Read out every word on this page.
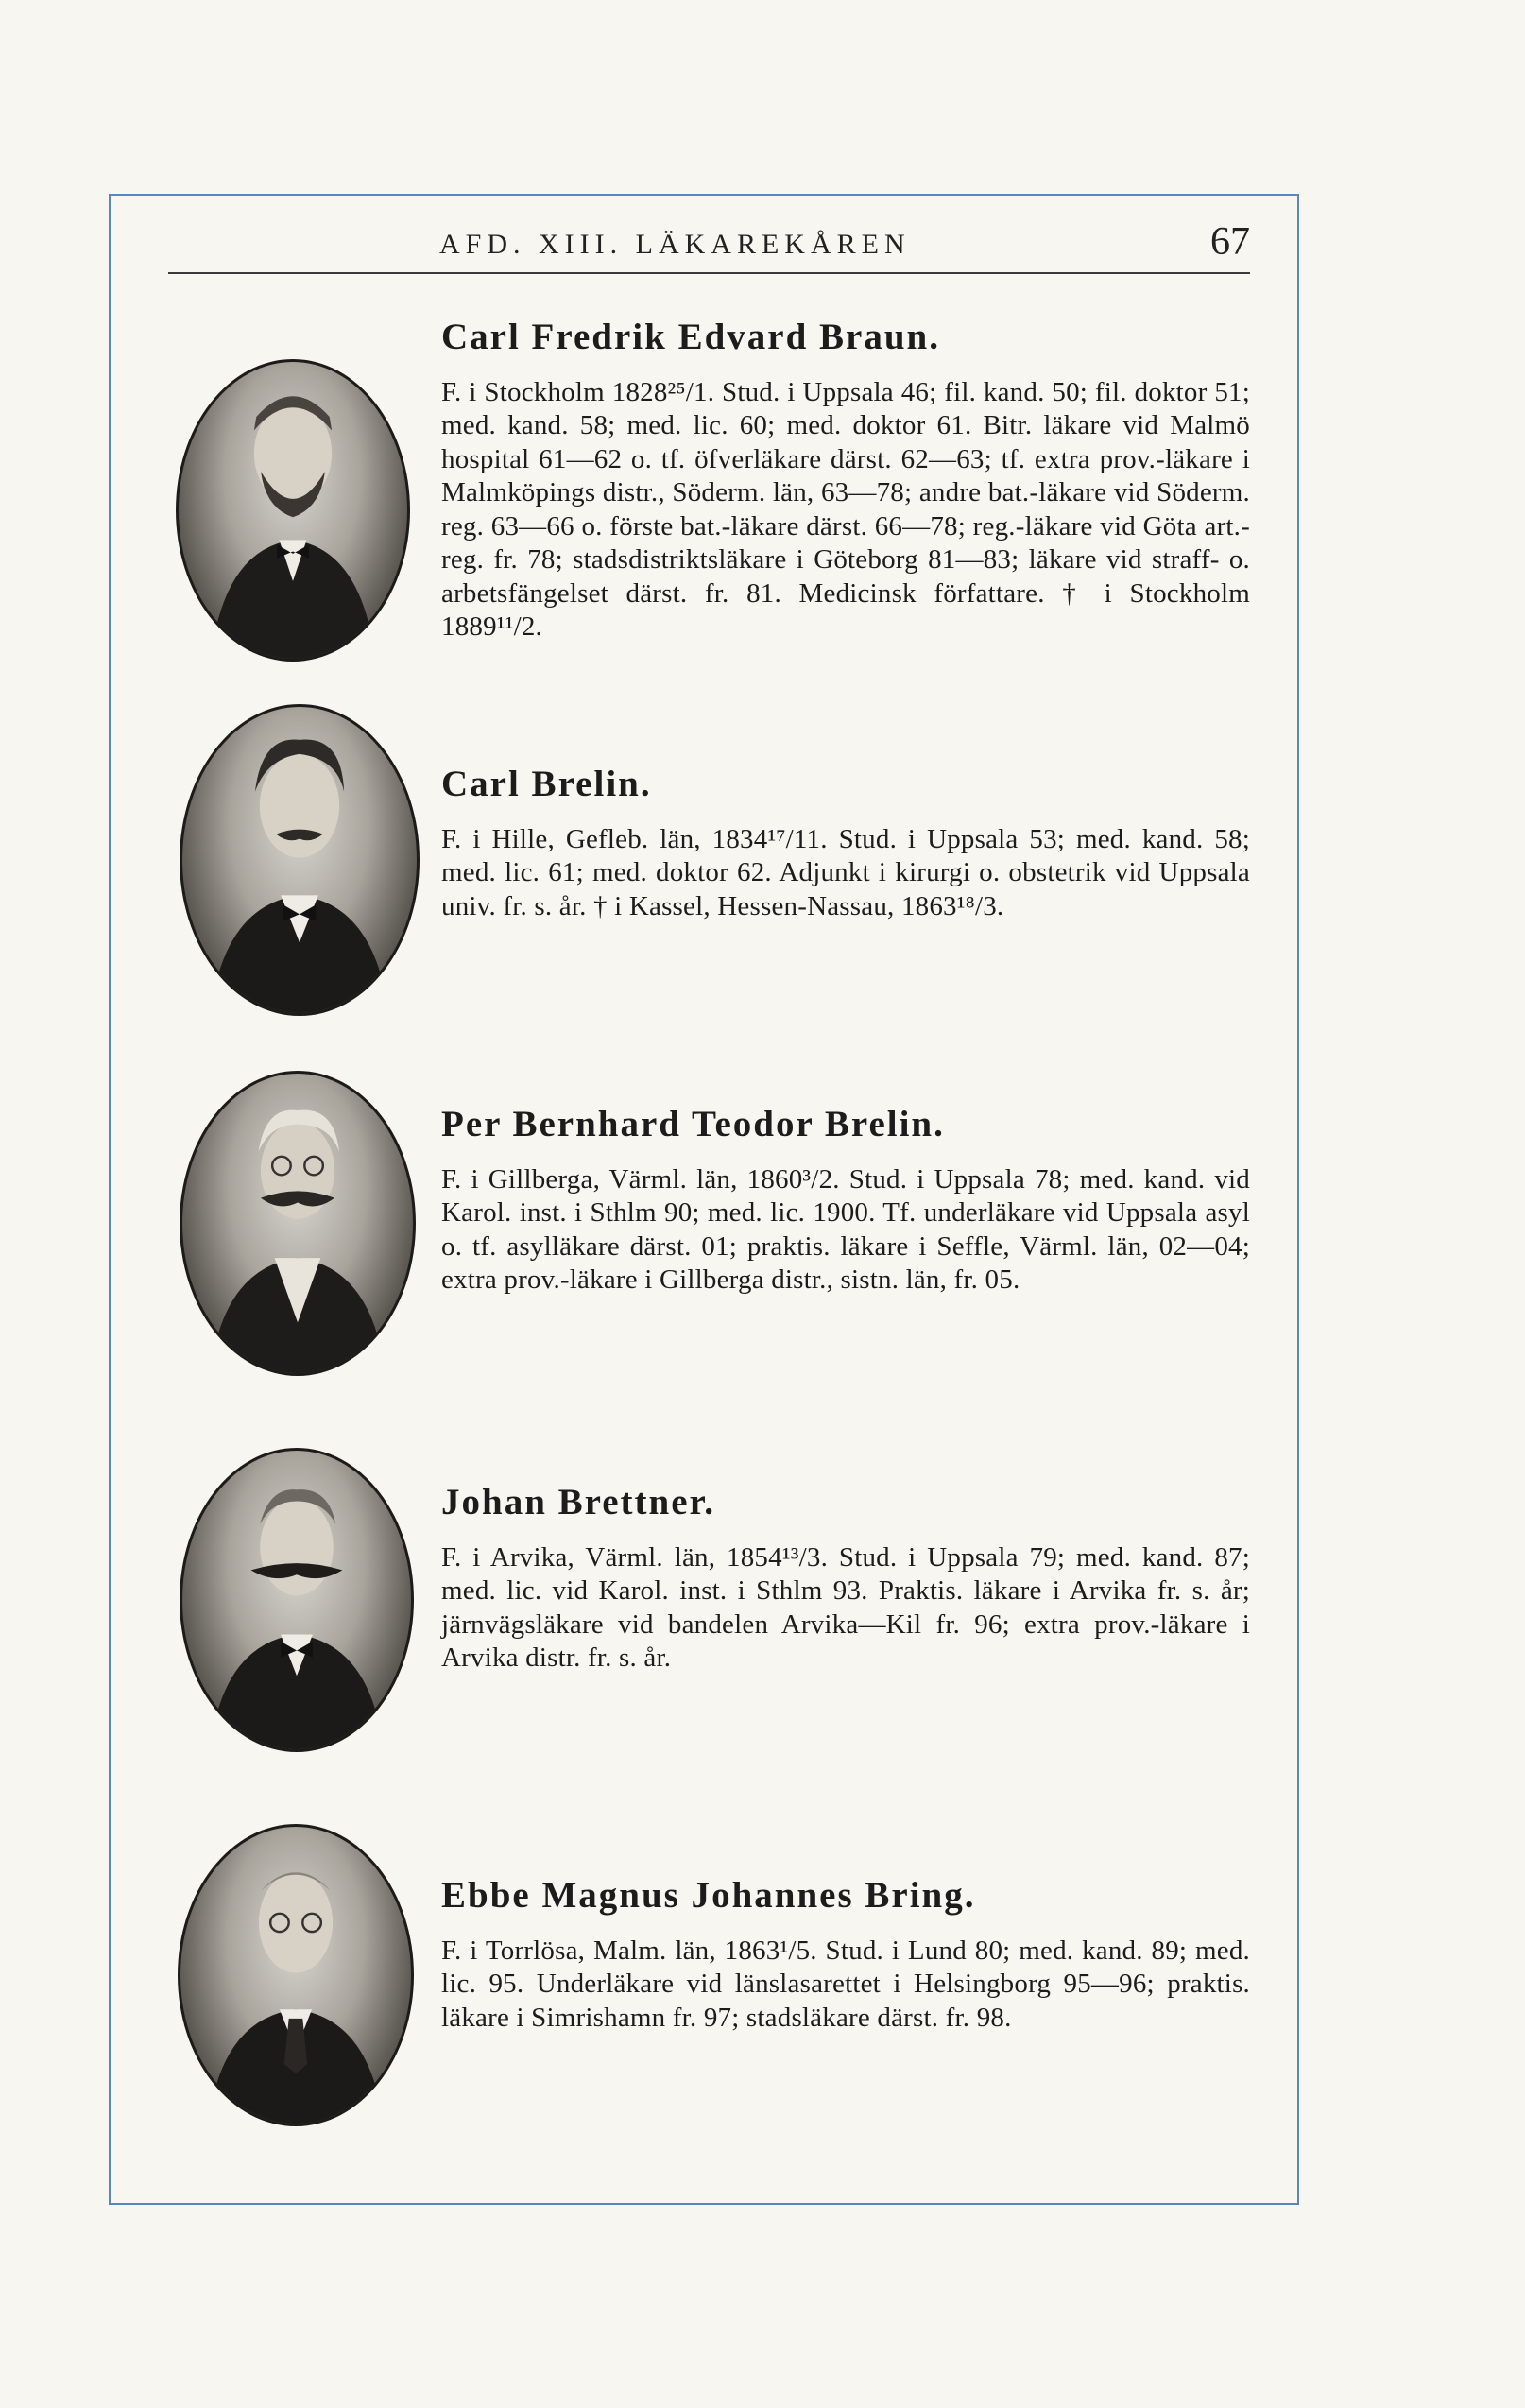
AFD. XIII. LÄKAREKÅREN	67
Carl Fredrik Edvard Braun.
F. i Stockholm 1828²⁵/1. Stud. i Uppsala 46; fil. kand. 50; fil. doktor 51; med. kand. 58; med. lic. 60; med. doktor 61. Bitr. läkare vid Malmö hospital 61—62 o. tf. öfverläkare därst. 62—63; tf. extra prov.-läkare i Malmköpings distr., Söderm. län, 63—78; andre bat.-läkare vid Söderm. reg. 63—66 o. förste bat.-läkare därst. 66—78; reg.-läkare vid Göta art.-reg. fr. 78; stadsdistriktsläkare i Göteborg 81—83; läkare vid straff- o. arbetsfängelset därst. fr. 81. Medicinsk författare. † i Stockholm 1889¹¹/2.
Carl Brelin.
F. i Hille, Gefleb. län, 1834¹⁷/11. Stud. i Uppsala 53; med. kand. 58; med. lic. 61; med. doktor 62. Adjunkt i kirurgi o. obstetrik vid Uppsala univ. fr. s. år. † i Kassel, Hessen-Nassau, 1863¹⁸/3.
Per Bernhard Teodor Brelin.
F. i Gillberga, Värml. län, 1860³/2. Stud. i Uppsala 78; med. kand. vid Karol. inst. i Sthlm 90; med. lic. 1900. Tf. underläkare vid Uppsala asyl o. tf. asylläkare därst. 01; praktis. läkare i Seffle, Värml. län, 02—04; extra prov.-läkare i Gillberga distr., sistn. län, fr. 05.
Johan Brettner.
F. i Arvika, Värml. län, 1854¹³/3. Stud. i Uppsala 79; med. kand. 87; med. lic. vid Karol. inst. i Sthlm 93. Praktis. läkare i Arvika fr. s. år; järnvägsläkare vid bandelen Arvika—Kil fr. 96; extra prov.-läkare i Arvika distr. fr. s. år.
Ebbe Magnus Johannes Bring.
F. i Torrlösa, Malm. län, 1863¹/5. Stud. i Lund 80; med. kand. 89; med. lic. 95. Underläkare vid länslasarettet i Helsingborg 95—96; praktis. läkare i Simrishamn fr. 97; stadsläkare därst. fr. 98.
